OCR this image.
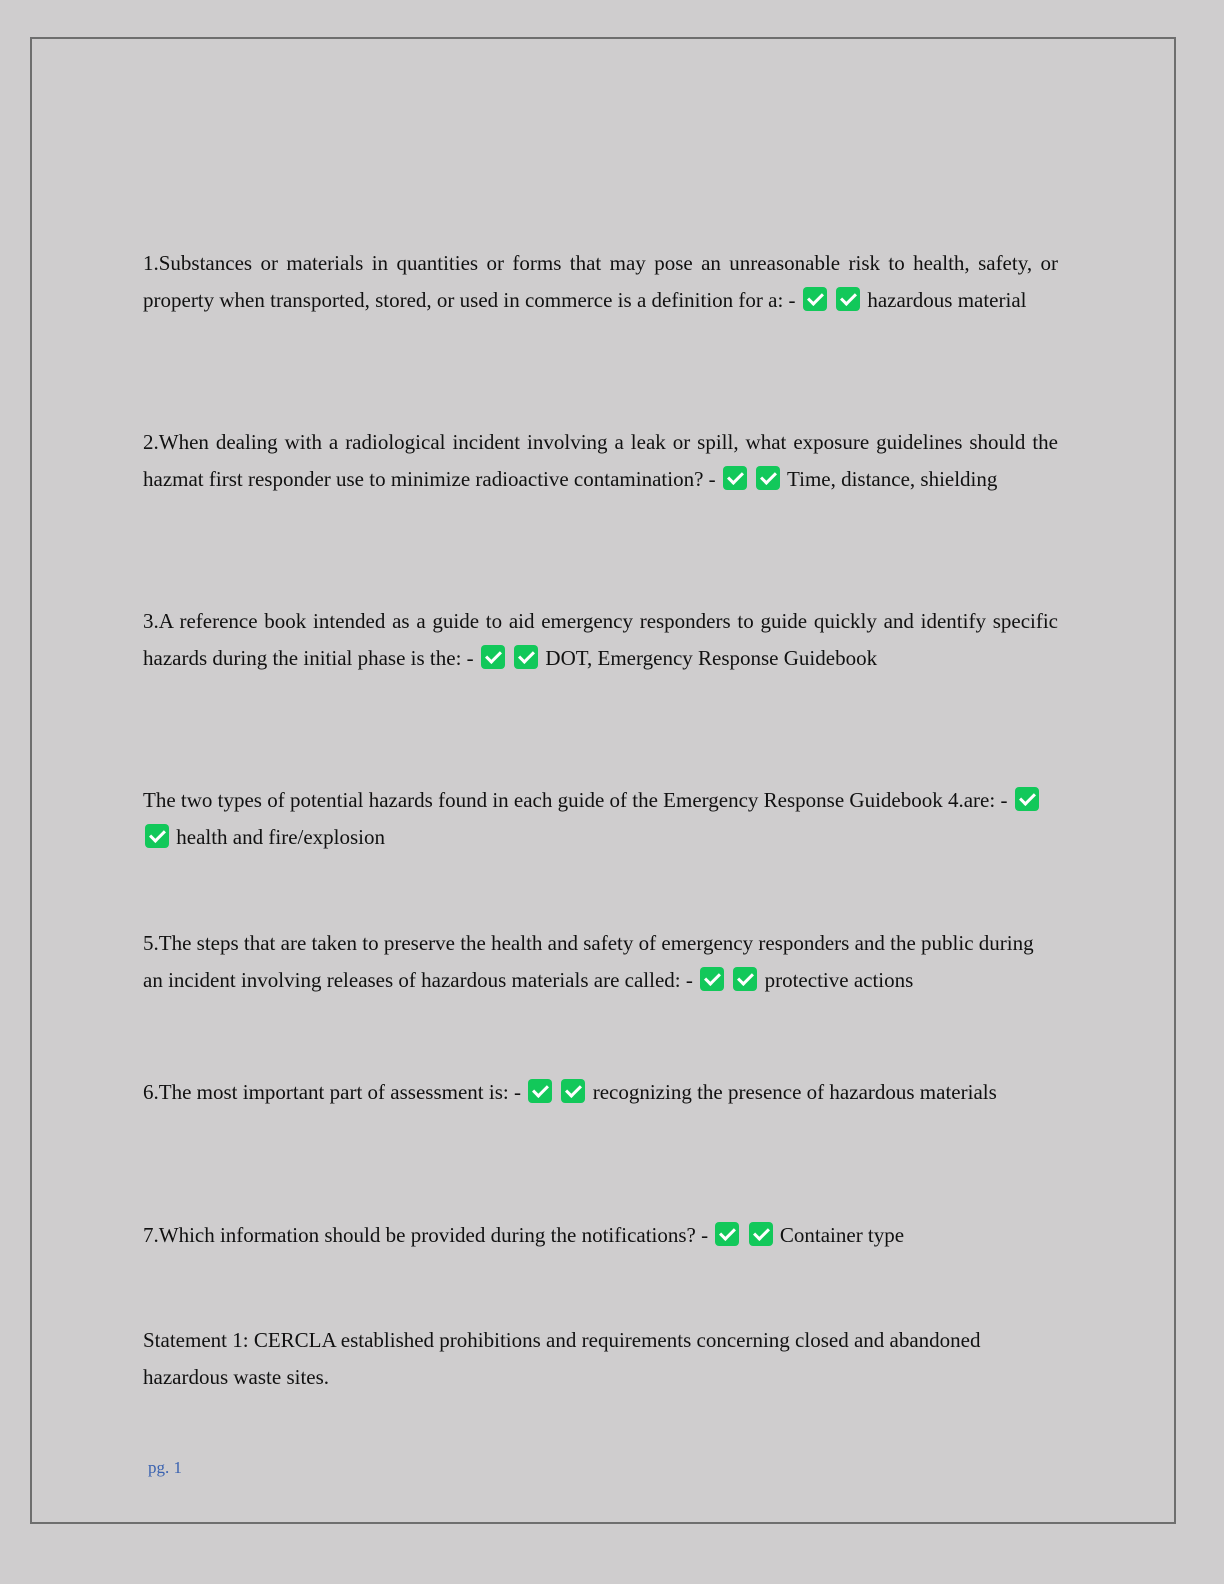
1.Substances or materials in quantities or forms that may pose an unreasonable risk to health, safety, or property when transported, stored, or used in commerce is a definition for a: -	hazardous material
2.When dealing with a radiological incident involving a leak or spill, what exposure guidelines should the hazmat first responder use to minimize radioactive contamination? -	Time, distance, shielding
3.A reference book intended as a guide to aid emergency responders to guide quickly and identify specific hazards during the initial phase is the: -	DOT, Emergency Response Guidebook
The two types of potential hazards found in each guide of the Emergency Response Guidebook 4.are: -   health and fire/explosion
5.The steps that are taken to preserve the health and safety of emergency responders and the public during an incident involving releases of hazardous materials are called: -	protective actions
6.The most important part of assessment is: -	recognizing the presence of hazardous materials
7.Which information should be provided during the notifications? -	Container type
Statement 1: CERCLA established prohibitions and requirements concerning closed and abandoned hazardous waste sites.
pg. 1
